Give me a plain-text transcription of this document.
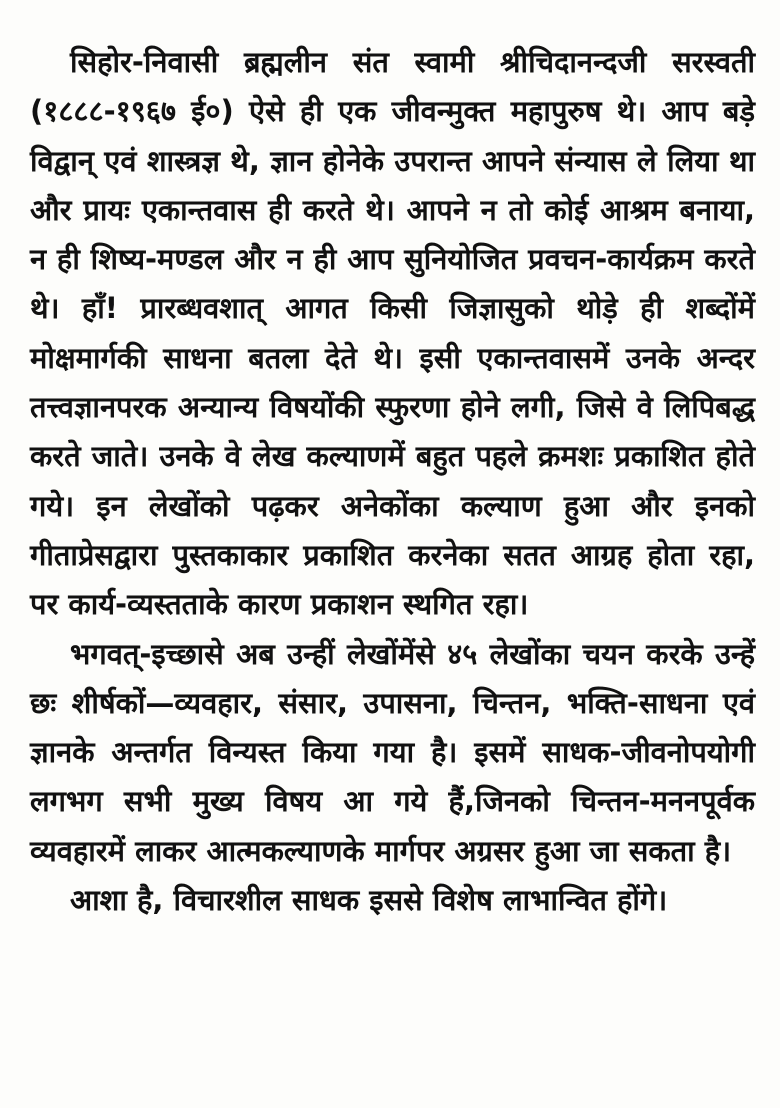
सिहोर-निवासी ब्रह्मलीन संत स्वामी श्रीचिदानन्दजी सरस्वती (१८८८-१९६७ ई०) ऐसे ही एक जीवन्मुक्त महापुरुष थे। आप बड़े विद्वान् एवं शास्त्रज्ञ थे, ज्ञान होनेके उपरान्त आपने संन्यास ले लिया था और प्रायः एकान्तवास ही करते थे। आपने न तो कोई आश्रम बनाया, न ही शिष्य-मण्डल और न ही आप सुनियोजित प्रवचन-कार्यक्रम करते थे। हाँ! प्रारब्धवशात् आगत किसी जिज्ञासुको थोड़े ही शब्दोंमें मोक्षमार्गकी साधना बतला देते थे। इसी एकान्तवासमें उनके अन्दर तत्त्वज्ञानपरक अन्यान्य विषयोंकी स्फुरणा होने लगी, जिसे वे लिपिबद्ध करते जाते। उनके वे लेख कल्याणमें बहुत पहले क्रमशः प्रकाशित होते गये। इन लेखोंको पढ़कर अनेकोंका कल्याण हुआ और इनको गीताप्रेसद्वारा पुस्तकाकार प्रकाशित करनेका सतत आग्रह होता रहा, पर कार्य-व्यस्तताके कारण प्रकाशन स्थगित रहा।

भगवत्-इच्छासे अब उन्हीं लेखोंमेंसे ४५ लेखोंका चयन करके उन्हें छः शीर्षकों—व्यवहार, संसार, उपासना, चिन्तन, भक्ति-साधना एवं ज्ञानके अन्तर्गत विन्यस्त किया गया है। इसमें साधक-जीवनोपयोगी लगभग सभी मुख्य विषय आ गये हैं,जिनको चिन्तन-मननपूर्वक व्यवहारमें लाकर आत्मकल्याणके मार्गपर अग्रसर हुआ जा सकता है।

आशा है, विचारशील साधक इससे विशेष लाभान्वित होंगे।
